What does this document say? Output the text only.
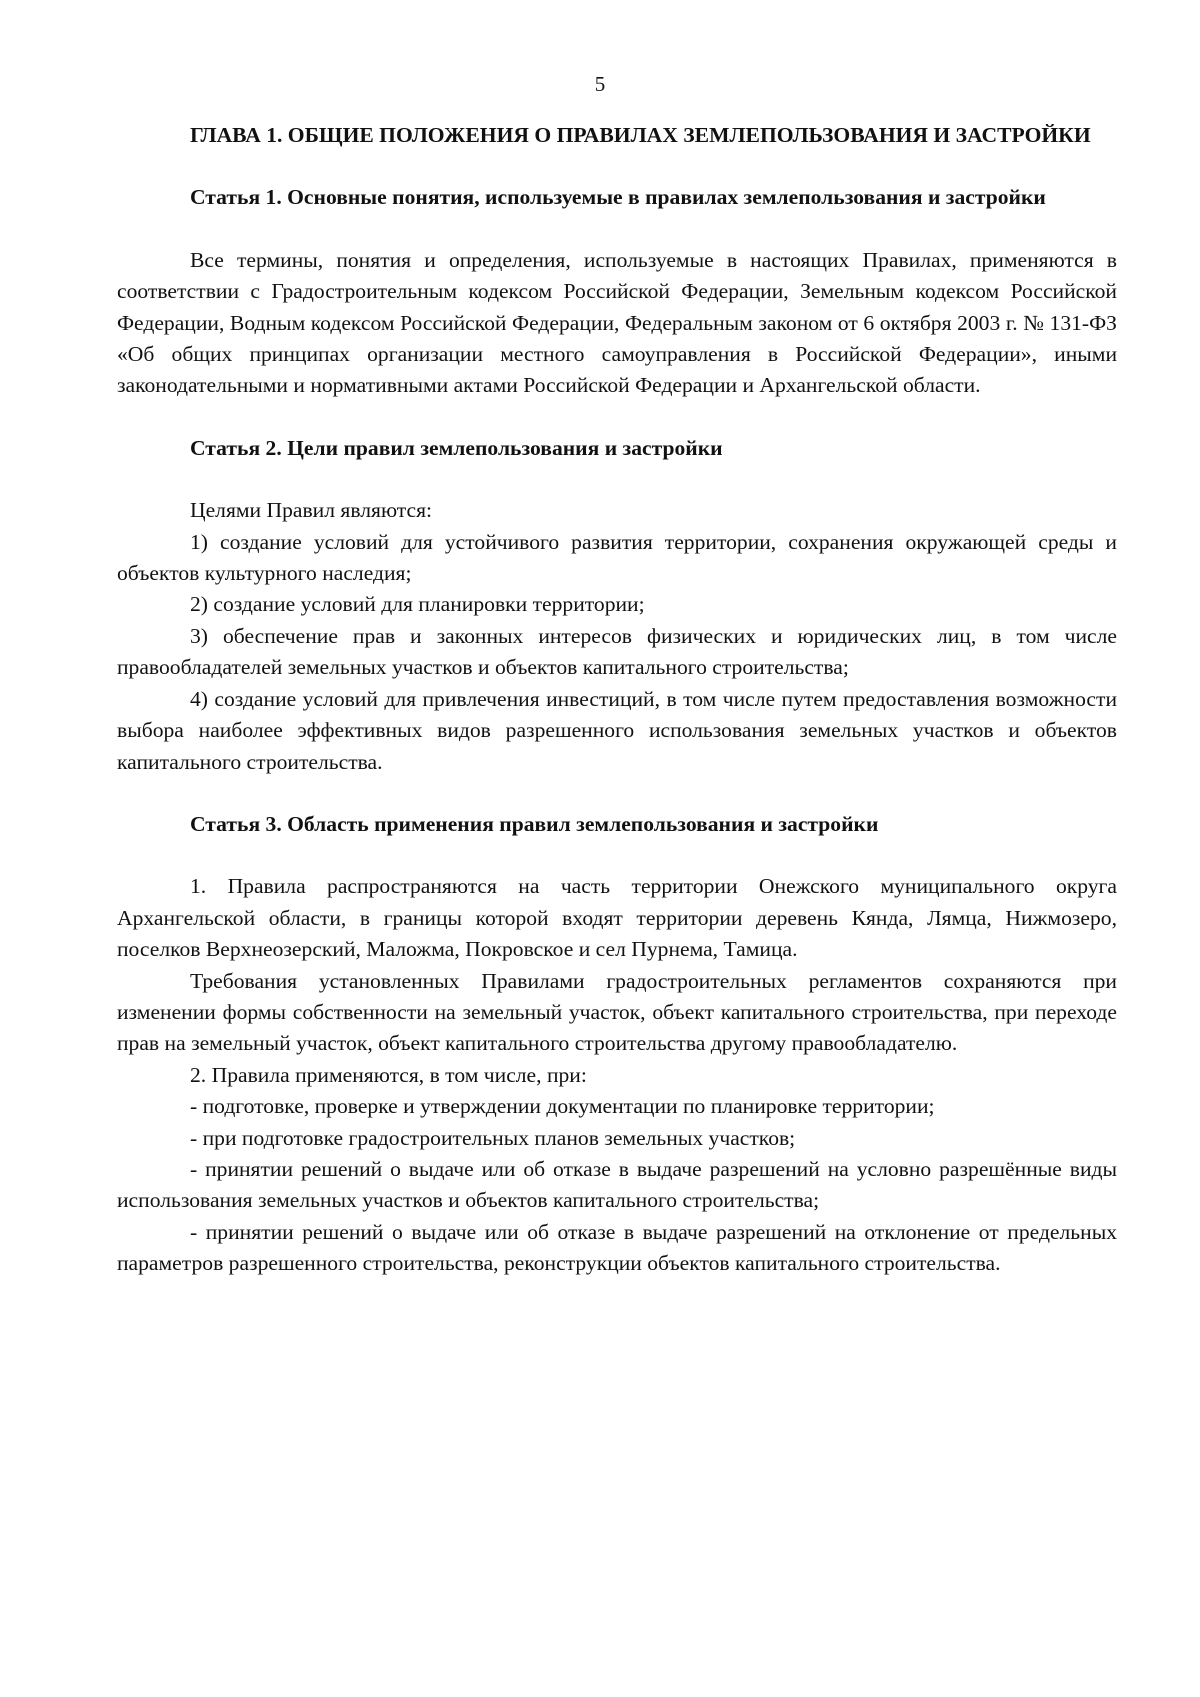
5

ГЛАВА 1. ОБЩИЕ ПОЛОЖЕНИЯ О ПРАВИЛАХ ЗЕМЛЕПОЛЬЗОВАНИЯ И ЗАСТРОЙКИ

Статья 1. Основные понятия, используемые в правилах землепользования и застройки

Все термины, понятия и определения, используемые в настоящих Правилах, применяются в соответствии с Градостроительным кодексом Российской Федерации, Земельным кодексом Российской Федерации, Водным кодексом Российской Федерации, Федеральным законом от 6 октября 2003 г. № 131-ФЗ «Об общих принципах организации местного самоуправления в Российской Федерации», иными законодательными и нормативными актами Российской Федерации и Архангельской области.

Статья 2. Цели правил землепользования и застройки

Целями Правил являются:

1) создание условий для устойчивого развития территории, сохранения окружающей среды и объектов культурного наследия;

2) создание условий для планировки территории;

3) обеспечение прав и законных интересов физических и юридических лиц, в том числе правообладателей земельных участков и объектов капитального строительства;

4) создание условий для привлечения инвестиций, в том числе путем предоставления возможности выбора наиболее эффективных видов разрешенного использования земельных участков и объектов капитального строительства.

Статья 3. Область применения правил землепользования и застройки

1. Правила распространяются на часть территории Онежского муниципального округа Архангельской области, в границы которой входят территории деревень Кянда, Лямца, Нижмозеро, поселков Верхнеозерский, Маложма, Покровское и сел Пурнема, Тамица.

Требования установленных Правилами градостроительных регламентов сохраняются при изменении формы собственности на земельный участок, объект капитального строительства, при переходе прав на земельный участок, объект капитального строительства другому правообладателю.

2. Правила применяются, в том числе, при:

- подготовке, проверке и утверждении документации по планировке территории;

- при подготовке градостроительных планов земельных участков;

- принятии решений о выдаче или об отказе в выдаче разрешений на условно разрешённые виды использования земельных участков и объектов капитального строительства;

- принятии решений о выдаче или об отказе в выдаче разрешений на отклонение от предельных параметров разрешенного строительства, реконструкции объектов капитального строительства.
